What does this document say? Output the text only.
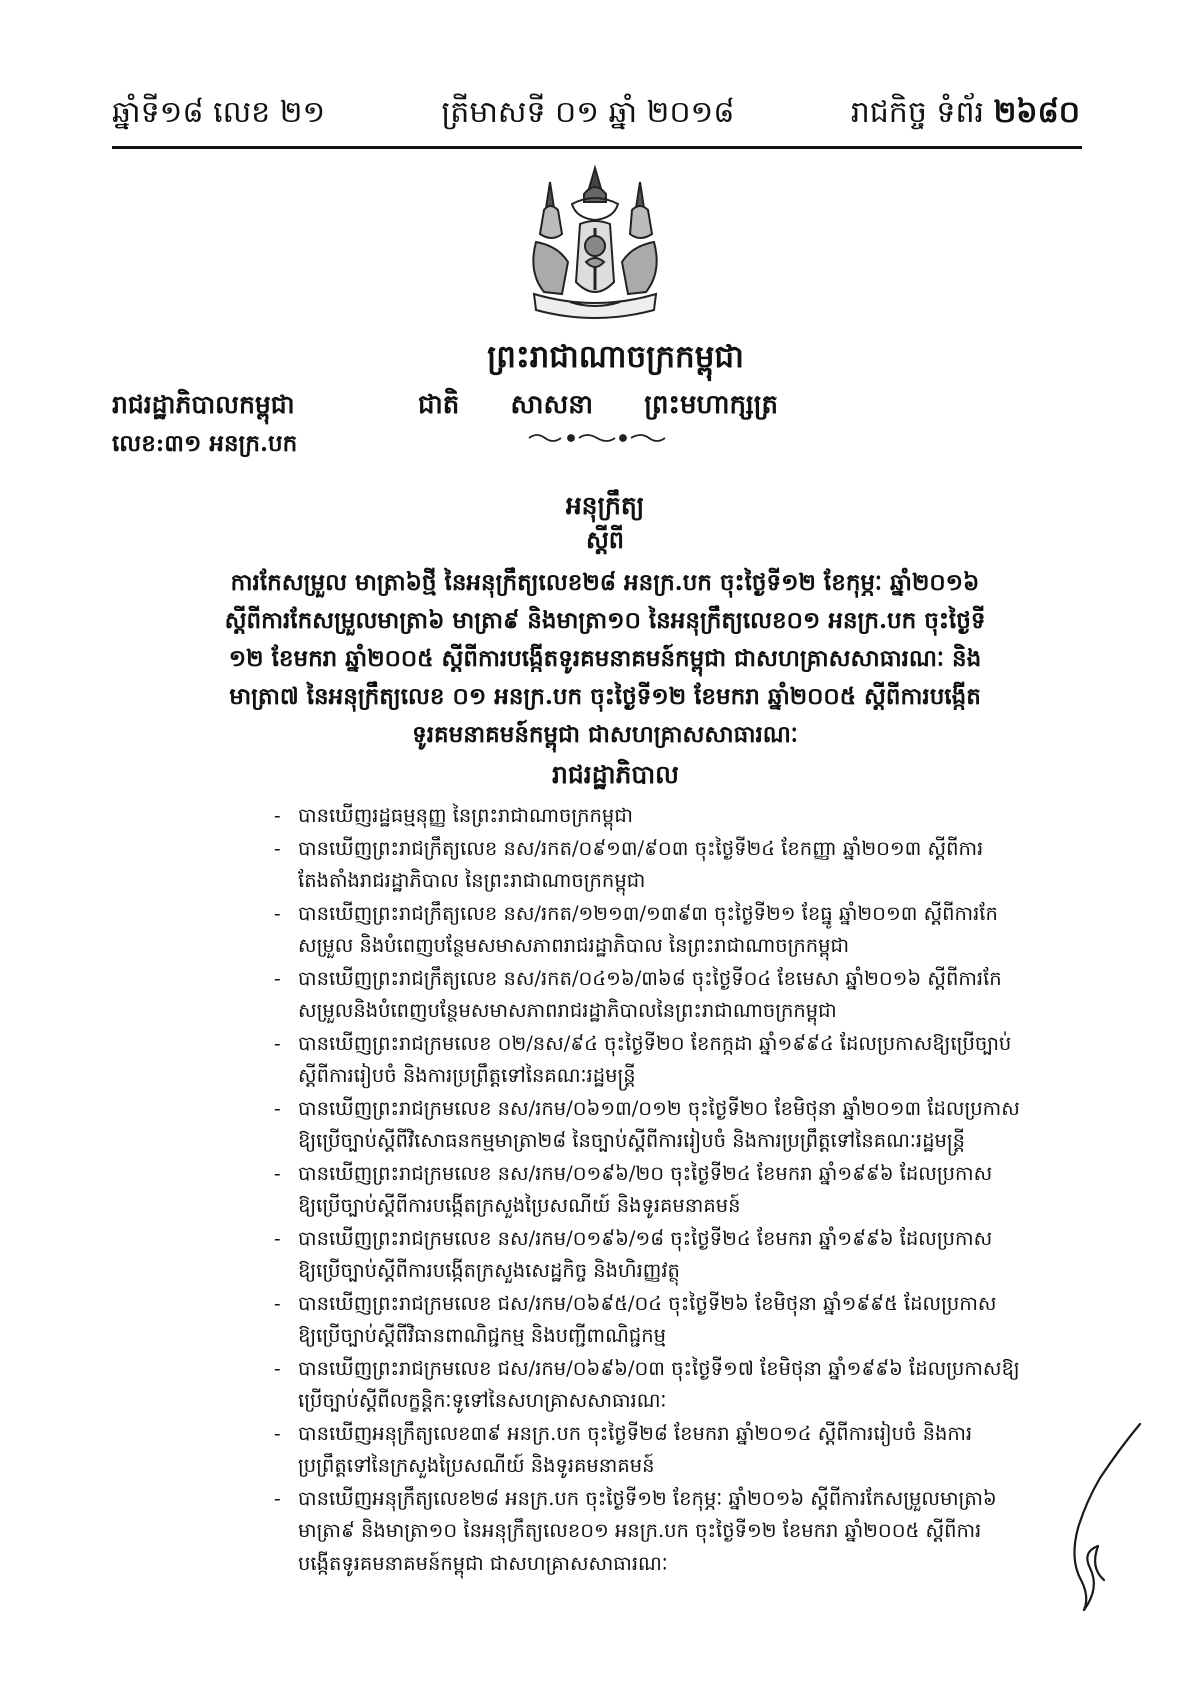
ឆ្នាំទី១៨ លេខ ២១	ត្រីមាសទី ០១ ឆ្នាំ ២០១៨	រាជកិច្ច ទំព័រ ២៦៨០
ព្រះរាជាណាចក្រកម្ពុជា
រាជរដ្ឋាភិបាលកម្ពុជា
លេខ:៣១ អនក្រ.បក
ជាតិ សាសនា ព្រះមហាក្សត្រ
អនុក្រឹត្យ
ស្តីពី
ការកែសម្រួល មាត្រា៦ថ្មី នៃអនុក្រឹត្យលេខ២៨ អនក្រ.បក ចុះថ្ងៃទី១២ ខែកុម្ភៈ ឆ្នាំ២០១៦
ស្តីពីការកែសម្រួលមាត្រា៦ មាត្រា៩ និងមាត្រា១០ នៃអនុក្រឹត្យលេខ០១ អនក្រ.បក ចុះថ្ងៃទី
១២ ខែមករា ឆ្នាំ២០០៥ ស្តីពីការបង្កើតទូរគមនាគមន៍កម្ពុជា ជាសហគ្រាសសាធារណៈ និង
មាត្រា៧ នៃអនុក្រឹត្យលេខ ០១ អនក្រ.បក ចុះថ្ងៃទី១២ ខែមករា ឆ្នាំ២០០៥ ស្តីពីការបង្កើត
ទូរគមនាគមន៍កម្ពុជា ជាសហគ្រាសសាធារណៈ
រាជរដ្ឋាភិបាល
- បានឃើញរដ្ឋធម្មនុញ្ញ នៃព្រះរាជាណាចក្រកម្ពុជា
- បានឃើញព្រះរាជក្រឹត្យលេខ នស/រកត/០៩១៣/៩០៣ ចុះថ្ងៃទី២៤ ខែកញ្ញា ឆ្នាំ២០១៣ ស្តីពីការ
តែងតាំងរាជរដ្ឋាភិបាល នៃព្រះរាជាណាចក្រកម្ពុជា
- បានឃើញព្រះរាជក្រឹត្យលេខ នស/រកត/១២១៣/១៣៩៣ ចុះថ្ងៃទី២១ ខែធ្នូ ឆ្នាំ២០១៣ ស្តីពីការកែ
សម្រួល និងបំពេញបន្ថែមសមាសភាពរាជរដ្ឋាភិបាល នៃព្រះរាជាណាចក្រកម្ពុជា
- បានឃើញព្រះរាជក្រឹត្យលេខ នស/រកត/០៤១៦/៣៦៨ ចុះថ្ងៃទី០៤ ខែមេសា ឆ្នាំ២០១៦ ស្តីពីការកែ
សម្រួលនិងបំពេញបន្ថែមសមាសភាពរាជរដ្ឋាភិបាលនៃព្រះរាជាណាចក្រកម្ពុជា
- បានឃើញព្រះរាជក្រមលេខ ០២/នស/៩៤ ចុះថ្ងៃទី២០ ខែកក្កដា ឆ្នាំ១៩៩៤ ដែលប្រកាសឱ្យប្រើច្បាប់
ស្តីពីការរៀបចំ និងការប្រព្រឹត្តទៅនៃគណៈរដ្ឋមន្ត្រី
- បានឃើញព្រះរាជក្រមលេខ នស/រកម/០៦១៣/០១២ ចុះថ្ងៃទី២០ ខែមិថុនា ឆ្នាំ២០១៣ ដែលប្រកាស
ឱ្យប្រើច្បាប់ស្តីពីវិសោធនកម្មមាត្រា២៨ នៃច្បាប់ស្តីពីការរៀបចំ និងការប្រព្រឹត្តទៅនៃគណៈរដ្ឋមន្ត្រី
- បានឃើញព្រះរាជក្រមលេខ នស/រកម/០១៩៦/២០ ចុះថ្ងៃទី២៤ ខែមករា ឆ្នាំ១៩៩៦ ដែលប្រកាស
ឱ្យប្រើច្បាប់ស្តីពីការបង្កើតក្រសួងប្រៃសណីយ៍ និងទូរគមនាគមន៍
- បានឃើញព្រះរាជក្រមលេខ នស/រកម/០១៩៦/១៨ ចុះថ្ងៃទី២៤ ខែមករា ឆ្នាំ១៩៩៦ ដែលប្រកាស
ឱ្យប្រើច្បាប់ស្តីពីការបង្កើតក្រសួងសេដ្ឋកិច្ច និងហិរញ្ញវត្ថុ
- បានឃើញព្រះរាជក្រមលេខ ជស/រកម/០៦៩៥/០៤ ចុះថ្ងៃទី២៦ ខែមិថុនា ឆ្នាំ១៩៩៥ ដែលប្រកាស
ឱ្យប្រើច្បាប់ស្តីពីវិធានពាណិជ្ជកម្ម និងបញ្ជីពាណិជ្ជកម្ម
- បានឃើញព្រះរាជក្រមលេខ ជស/រកម/០៦៩៦/០៣ ចុះថ្ងៃទី១៧ ខែមិថុនា ឆ្នាំ១៩៩៦ ដែលប្រកាសឱ្យ
ប្រើច្បាប់ស្តីពីលក្ខន្តិកៈទូទៅនៃសហគ្រាសសាធារណៈ
- បានឃើញអនុក្រឹត្យលេខ៣៩ អនក្រ.បក ចុះថ្ងៃទី២៨ ខែមករា ឆ្នាំ២០១៤ ស្តីពីការរៀបចំ និងការ
ប្រព្រឹត្តទៅនៃក្រសួងប្រៃសណីយ៍ និងទូរគមនាគមន៍
- បានឃើញអនុក្រឹត្យលេខ២៨ អនក្រ.បក ចុះថ្ងៃទី១២ ខែកុម្ភៈ ឆ្នាំ២០១៦ ស្តីពីការកែសម្រួលមាត្រា៦
មាត្រា៩ និងមាត្រា១០ នៃអនុក្រឹត្យលេខ០១ អនក្រ.បក ចុះថ្ងៃទី១២ ខែមករា ឆ្នាំ២០០៥ ស្តីពីការ
បង្កើតទូរគមនាគមន៍កម្ពុជា ជាសហគ្រាសសាធារណៈ
